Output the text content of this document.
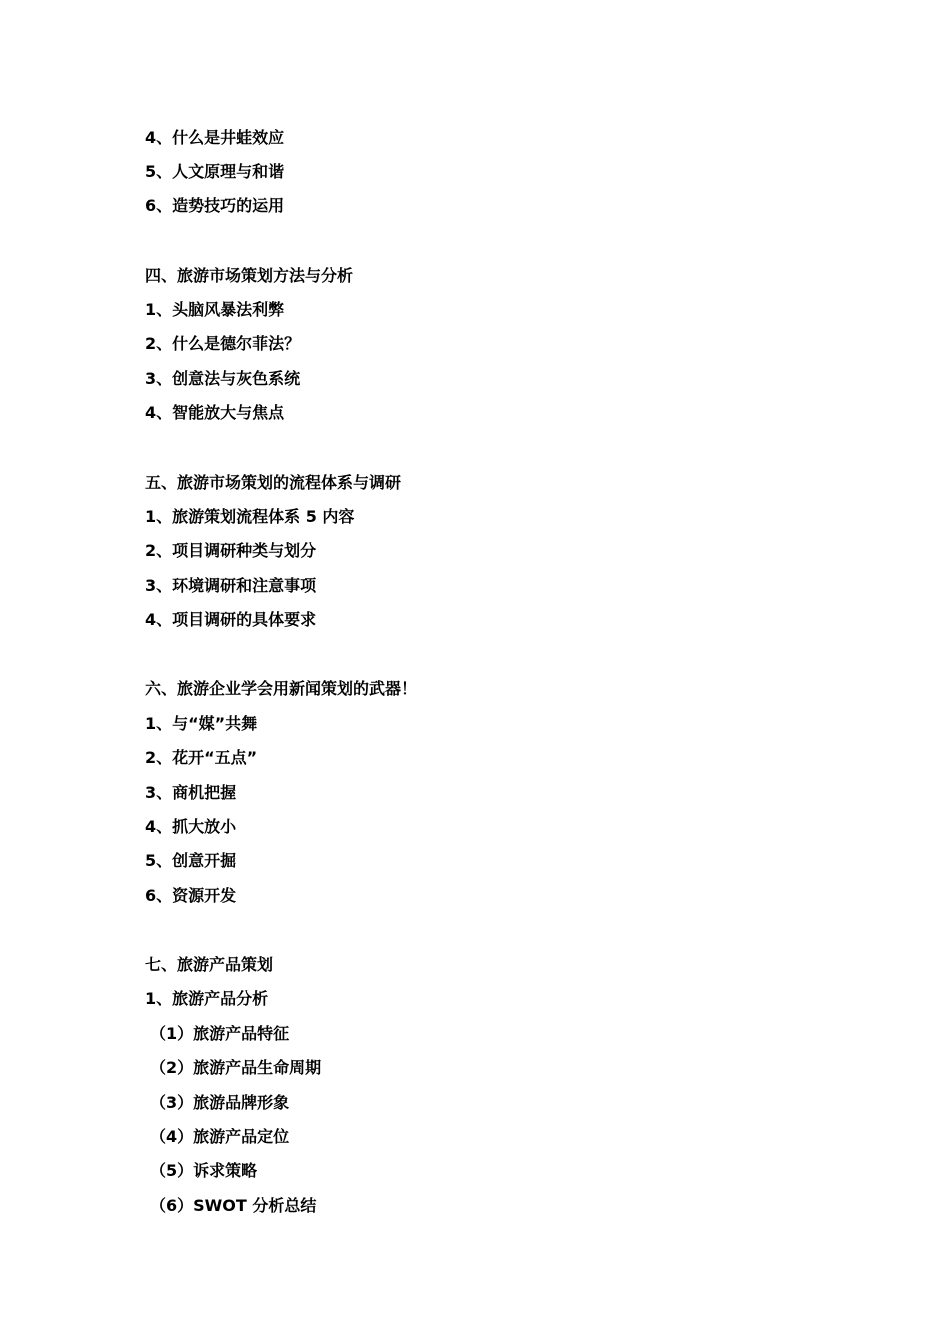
4、什么是井蛙效应
5、人文原理与和谐
6、造势技巧的运用
四、旅游市场策划方法与分析
1、头脑风暴法利弊
2、什么是德尔菲法？
3、创意法与灰色系统
4、智能放大与焦点
五、旅游市场策划的流程体系与调研
1、旅游策划流程体系 5 内容
2、项目调研种类与划分
3、环境调研和注意事项
4、项目调研的具体要求
六、旅游企业学会用新闻策划的武器！
1、与“媒”共舞
2、花开“五点”
3、商机把握
4、抓大放小
5、创意开掘
6、资源开发
七、旅游产品策划
1、旅游产品分析
（1）旅游产品特征
（2）旅游产品生命周期
（3）旅游品牌形象
（4）旅游产品定位
（5）诉求策略
（6）SWOT 分析总结
